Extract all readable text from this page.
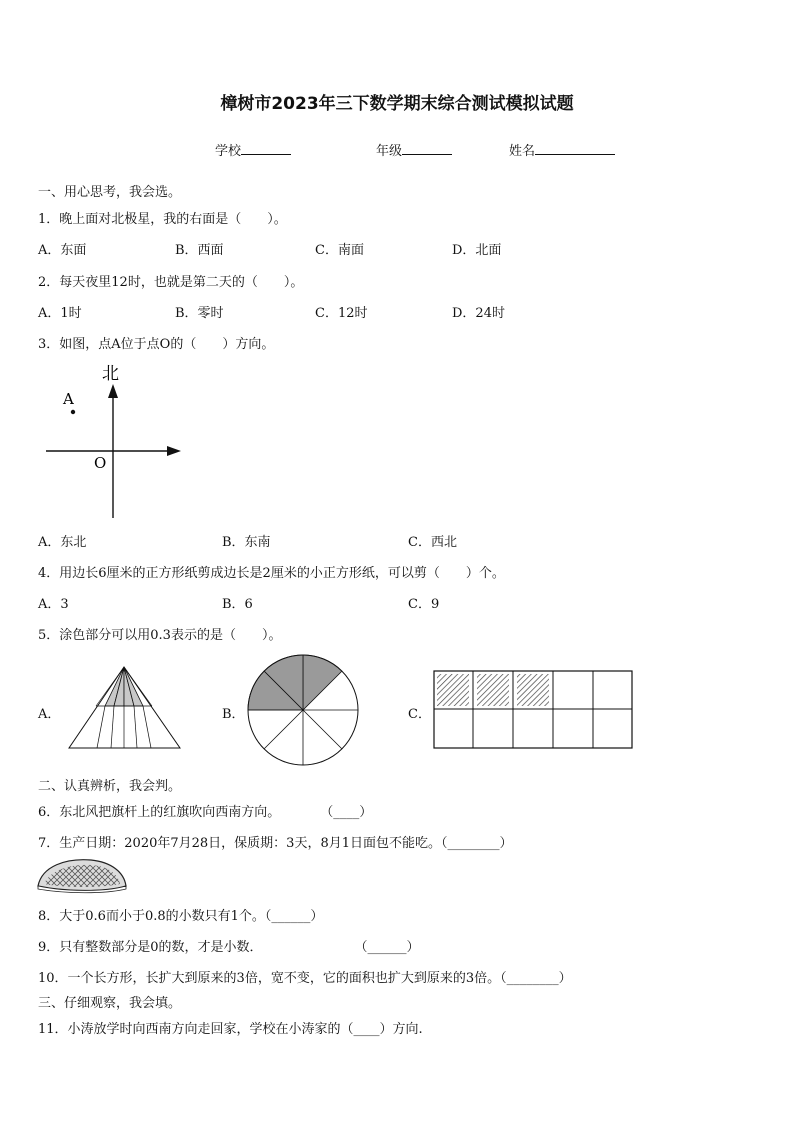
樟树市2023年三下数学期末综合测试模拟试题
学校	年级	姓名
一、用心思考，我会选。
1．晚上面对北极星，我的右面是（　　）。
A．东面	B．西面	C．南面	D．北面
2．每天夜里12时，也就是第二天的（　　）。
A．1时	B．零时	C．12时	D．24时
3．如图，点A位于点O的（　　）方向。
北
A
O
A．东北	B．东南	C．西北
4．用边长6厘米的正方形纸剪成边长是2厘米的小正方形纸，可以剪（　　）个。
A．3	B．6	C．9
5．涂色部分可以用0.3表示的是（　　）。
A．	B．	C．
二、认真辨析，我会判。
6．东北风把旗杆上的红旗吹向西南方向。	（____）
7．生产日期：2020年7月28日，保质期：3天，8月1日面包不能吃。（________）
8．大于0.6而小于0.8的小数只有1个。（______）
9．只有整数部分是0的数，才是小数．	（______）
10．一个长方形，长扩大到原来的3倍，宽不变，它的面积也扩大到原来的3倍。（________）
三、仔细观察，我会填。
11．小涛放学时向西南方向走回家，学校在小涛家的（____）方向.
